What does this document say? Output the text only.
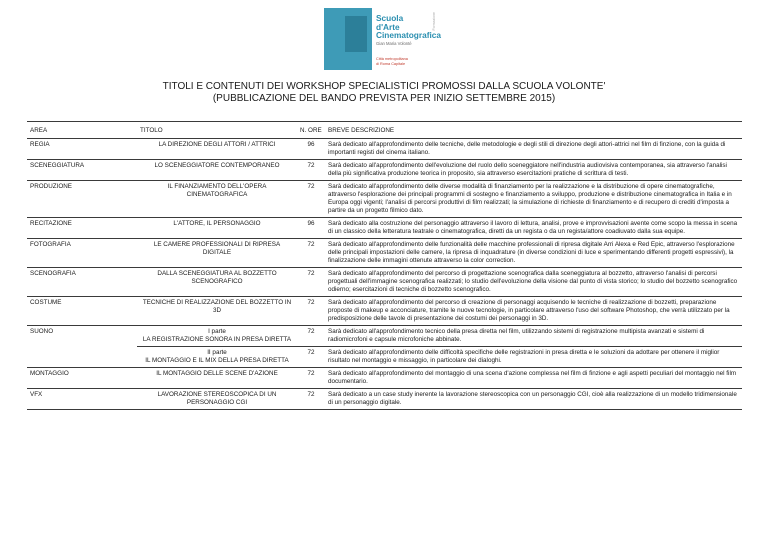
Scuola
d'Arte
Cinematografica
Gian Maria Volonté
Città metropolitana
di Roma Capitale
Formazione
TITOLI E CONTENUTI DEI WORKSHOP SPECIALISTICI PROMOSSI DALLA SCUOLA VOLONTE'
(PUBBLICAZIONE DEL BANDO PREVISTA PER INIZIO SETTEMBRE 2015)
AREA	TITOLO	N. ORE	BREVE DESCRIZIONE
REGIA	LA DIREZIONE DEGLI ATTORI / ATTRICI	96	Sarà dedicato all'approfondimento delle tecniche, delle metodologie e degli stili di direzione degli attori-attrici nel film di finzione, con la guida di importanti registi del cinema italiano.
SCENEGGIATURA	LO SCENEGGIATORE CONTEMPORANEO	72	Sarà dedicato all'approfondimento dell'evoluzione del ruolo dello sceneggiatore nell'industria audiovisiva contemporanea, sia attraverso l'analisi della più significativa produzione teorica in proposito, sia attraverso esercitazioni pratiche di scrittura di testi.
PRODUZIONE	IL FINANZIAMENTO DELL'OPERA CINEMATOGRAFICA	72	Sarà dedicato all'approfondimento delle diverse modalità di finanziamento per la realizzazione e la distribuzione di opere cinematografiche, attraverso l'esplorazione dei principali programmi di sostegno e finanziamento a sviluppo, produzione e distribuzione cinematografica in Italia e in Europa oggi vigenti; l'analisi di percorsi produttivi di film realizzati; la simulazione di richieste di finanziamento e di recupero di crediti d'imposta a partire da un progetto filmico dato.
RECITAZIONE	L'ATTORE, IL PERSONAGGIO	96	Sarà dedicato alla costruzione del personaggio attraverso il lavoro di lettura, analisi, prove e improvvisazioni avente come scopo la messa in scena di un classico della letteratura teatrale o cinematografica, diretti da un regista o da un regista/attore coadiuvato dalla sua equipe.
FOTOGRAFIA	LE CAMERE PROFESSIONALI DI RIPRESA DIGITALE	72	Sarà dedicato all'approfondimento delle funzionalità delle macchine professionali di ripresa digitale Arri Alexa e Red Epic, attraverso l'esplorazione delle principali impostazioni delle camere, la ripresa di inquadrature (in diverse condizioni di luce e sperimentando differenti progetti espressivi), la finalizzazione delle immagini ottenute attraverso la color correction.
SCENOGRAFIA	DALLA SCENEGGIATURA AL BOZZETTO SCENOGRAFICO	72	Sarà dedicato all'approfondimento del percorso di progettazione scenografica dalla sceneggiatura al bozzetto, attraverso l'analisi di percorsi progettuali dell'immagine scenografica realizzati; lo studio dell'evoluzione della visione dal punto di vista storico; lo studio del bozzetto scenografico odierno; esercitazioni di tecniche di bozzetto scenografico.
COSTUME	TECNICHE DI REALIZZAZIONE DEL BOZZETTO IN 3D	72	Sarà dedicato all'approfondimento del percorso di creazione di personaggi acquisendo le tecniche di realizzazione di bozzetti, preparazione proposte di makeup e acconciature, tramite le nuove tecnologie, in particolare attraverso l'uso del software Photoshop, che verrà utilizzato per la predisposizione delle tavole di presentazione dei costumi dei personaggi in 3D.
SUONO	I parte
LA REGISTRAZIONE SONORA IN PRESA DIRETTA	72	Sarà dedicato all'approfondimento tecnico della presa diretta nel film, utilizzando sistemi di registrazione multipista avanzati e sistemi di radiomicrofoni e capsule microfoniche abbinate.

	II parte
IL MONTAGGIO E IL MIX DELLA PRESA DIRETTA	72	Sarà dedicato all'approfondimento delle difficoltà specifiche delle registrazioni in presa diretta e le soluzioni da adottare per ottenere il miglior risultato nel montaggio e missaggio, in particolare dei dialoghi.
MONTAGGIO	IL MONTAGGIO DELLE SCENE D'AZIONE	72	Sarà dedicato all'approfondimento del montaggio di una scena d'azione complessa nel film di finzione e agli aspetti peculiari del montaggio nel film documentario.
VFX	LAVORAZIONE STEREOSCOPICA DI UN PERSONAGGIO CGI	72	Sarà dedicato a un case study inerente la lavorazione stereoscopica con un personaggio CGI, cioè alla realizzazione di un modello tridimensionale di un personaggio digitale.
